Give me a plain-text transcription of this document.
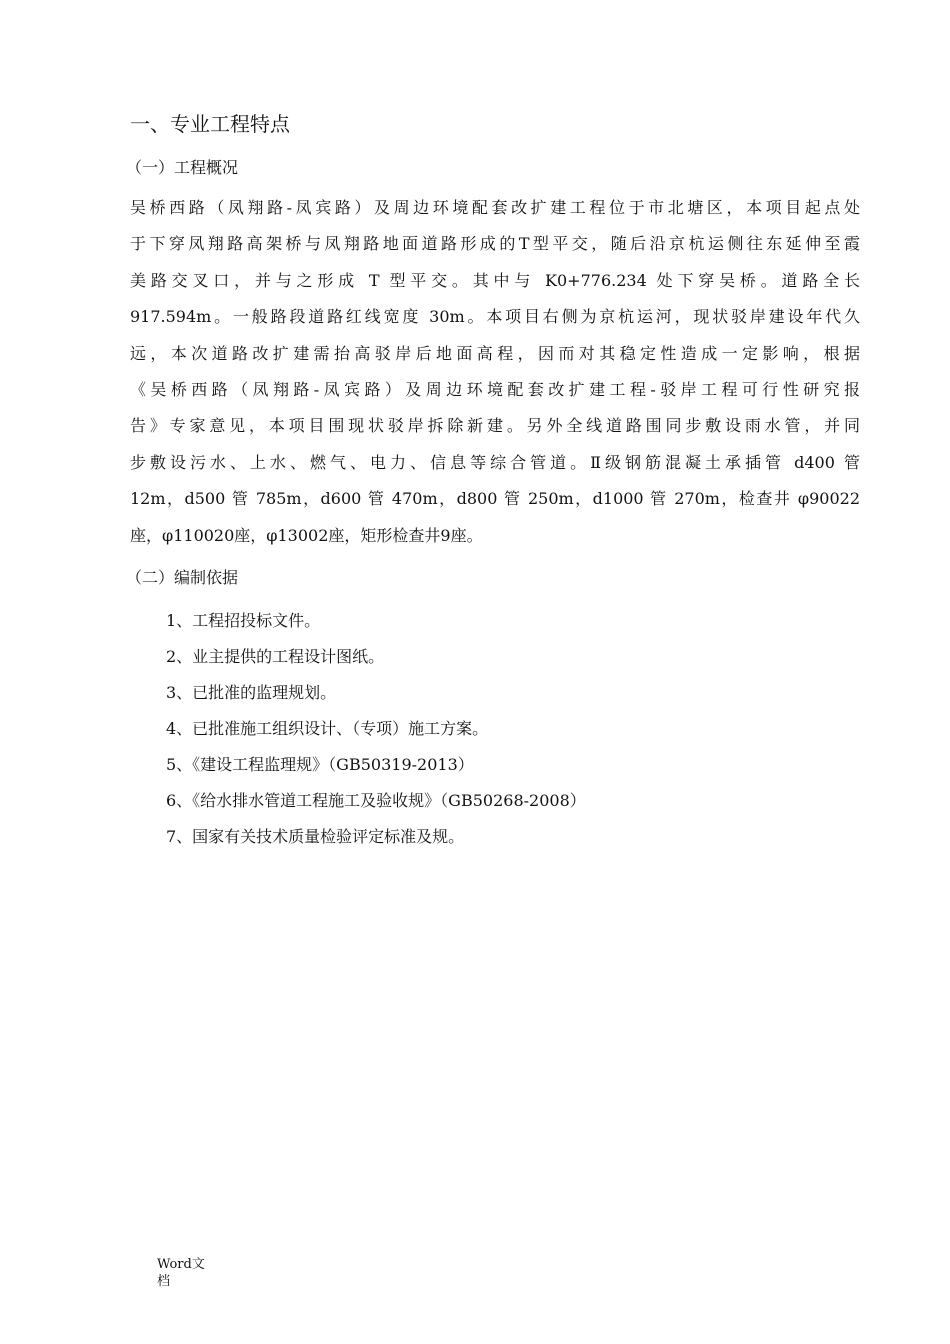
一、专业工程特点
（一）工程概况
吴桥西路（凤翔路-凤宾路）及周边环境配套改扩建工程位于市北塘区，本项目起点处
于下穿凤翔路高架桥与凤翔路地面道路形成的T型平交，随后沿京杭运侧往东延伸至霞
美路交叉口，并与之形成 T 型平交。其中与 K0+776.234 处下穿吴桥。道路全长
917.594m。一般路段道路红线宽度 30m。本项目右侧为京杭运河，现状驳岸建设年代久
远，本次道路改扩建需抬高驳岸后地面高程，因而对其稳定性造成一定影响，根据
《吴桥西路（凤翔路-凤宾路）及周边环境配套改扩建工程-驳岸工程可行性研究报
告》专家意见，本项目围现状驳岸拆除新建。另外全线道路围同步敷设雨水管，并同
步敷设污水、上水、燃气、电力、信息等综合管道。Ⅱ级钢筋混凝土承插管 d400 管
12m，d500 管 785m，d600 管 470m，d800 管 250m，d1000 管 270m，检查井 φ90022
座，φ110020座，φ13002座，矩形检查井9座。
（二）编制依据
1、工程招投标文件。
2、业主提供的工程设计图纸。
3、已批准的监理规划。
4、已批准施工组织设计、（专项）施工方案。
5、《建设工程监理规》（GB50319-2013）
6、《给水排水管道工程施工及验收规》（GB50268-2008）
7、国家有关技术质量检验评定标准及规。
Word文档
